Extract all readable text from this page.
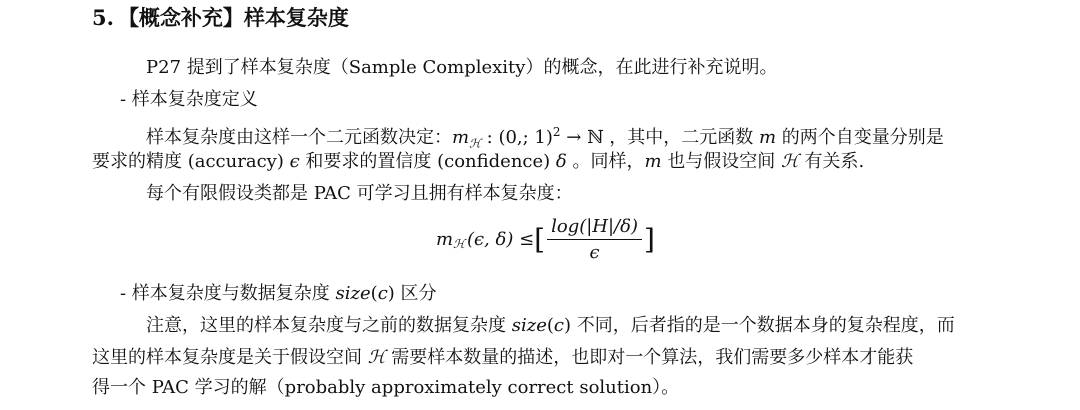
5. 【概念补充】样本复杂度
P27 提到了样本复杂度（Sample Complexity）的概念，在此进行补充说明。
- 样本复杂度定义
样本复杂度由这样一个二元函数决定：$m_ℋ$ : (0,; 1)$^2$ → ℕ ，其中，二元函数 m 的两个自变量分别是
要求的精度 (accuracy) ϵ 和要求的置信度 (confidence) δ 。同样，m 也与假设空间 ℋ 有关系.
每个有限假设类都是 PAC 可学习且拥有样本复杂度：
$m_ℋ$ (ϵ, δ) ≤ [ $\frac{\log(|H|/\delta)}{\epsilon}$ ]
- 样本复杂度与数据复杂度 size(c) 区分
注意，这里的样本复杂度与之前的数据复杂度 size(c) 不同，后者指的是一个数据本身的复杂程度，而
这里的样本复杂度是关于假设空间 ℋ 需要样本数量的描述，也即对一个算法，我们需要多少样本才能获
得一个 PAC 学习的解（probably approximately correct solution）。
